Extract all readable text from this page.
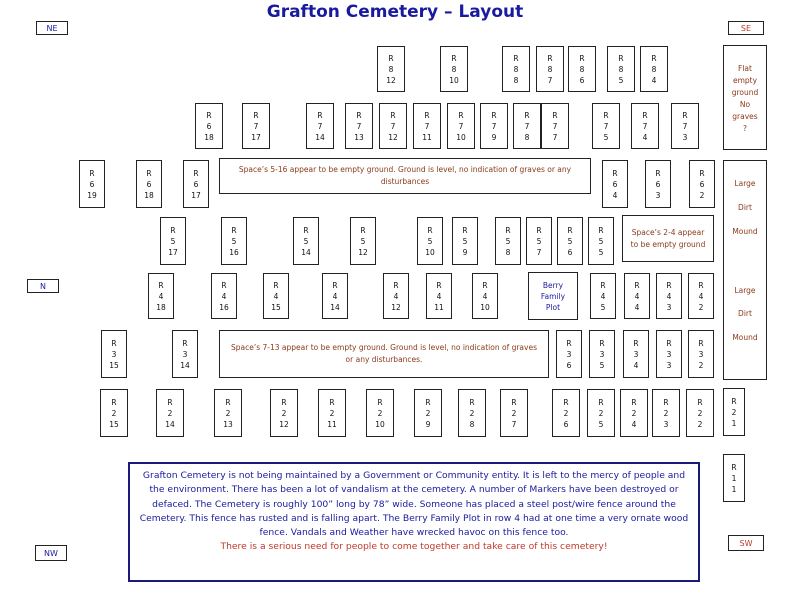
Grafton Cemetery – Layout
NE	SE
N
NW
SW
Space’s 5-16 appear to be empty ground. Ground is level, no indication of graves or any disturbances
Space’s 2-4 appear to be empty ground
Space’s 7-13 appear to be empty ground. Ground is level, no indication of graves or any disturbances.
Berry
Family
Plot
Flat
empty
ground
No
graves
?
Large
Dirt
Mound
Large
Dirt
Mound
Grafton Cemetery is not being maintained by a Government or Community entity. It is left to the mercy of people and the environment. There has been a lot of vandalism at the cemetery. A number of Markers have been destroyed or defaced. The Cemetery is roughly 100” long by 78” wide. Someone has placed a steel post/wire fence around the Cemetery. This fence has rusted and is falling apart. The Berry Family Plot in row 4 had at one time a very ornate wood fence. Vandals and Weather have wrecked havoc on this fence too.
There is a serious need for people to come together and take care of this cemetery!
R
8
12
R
8
10
R
8
8
R
8
7
R
8
6
R
8
5
R
8
4
R
6
18
R
7
17
R
7
14
R
7
13
R
7
12
R
7
11
R
7
10
R
7
9
R
7
8
R
7
7
R
7
5
R
7
4
R
7
3
R
6
19
R
6
18
R
6
17
R
6
4
R
6
3
R
6
2
R
5
17
R
5
16
R
5
14
R
5
12
R
5
10
R
5
9
R
5
8
R
5
7
R
5
6
R
5
5
R
4
18
R
4
16
R
4
15
R
4
14
R
4
12
R
4
11
R
4
10
R
4
5
R
4
4
R
4
3
R
4
2
R
3
15
R
3
14
R
3
6
R
3
5
R
3
4
R
3
3
R
3
2
R
2
15
R
2
14
R
2
13
R
2
12
R
2
11
R
2
10
R
2
9
R
2
8
R
2
7
R
2
6
R
2
5
R
2
4
R
2
3
R
2
2
R
2
1
R
1
1
